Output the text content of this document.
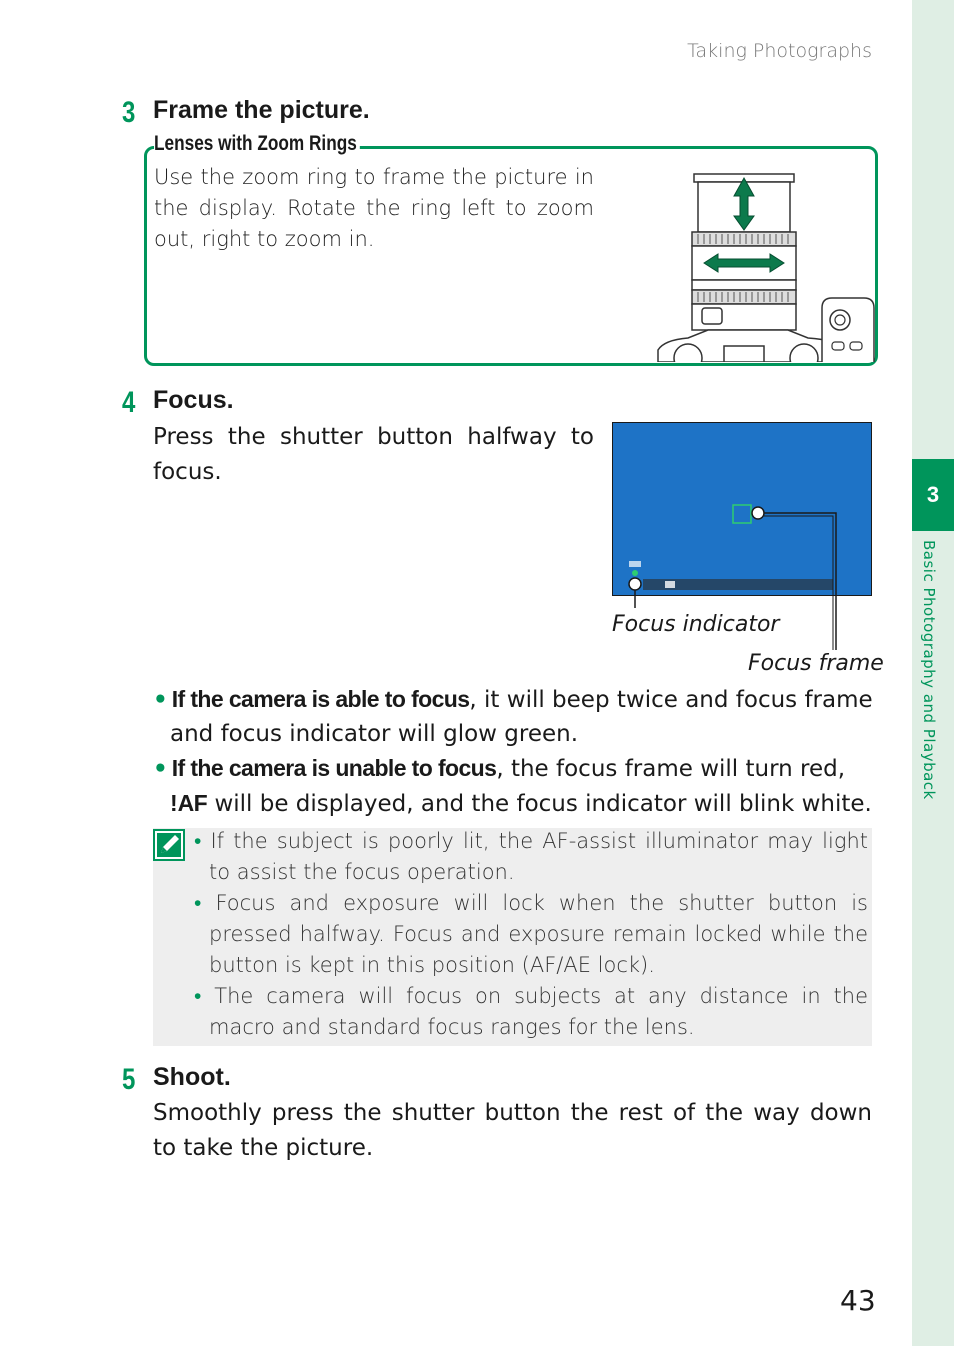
Taking Photographs
3
Basic Photography and Playback
3 Frame the picture.
Lenses with Zoom Rings
Use the zoom ring to frame the picture in the display. Rotate the ring left to zoom out, right to zoom in.
4 Focus.
Press the shutter button halfway to focus.
Focus indicator
Focus frame
• If the camera is able to focus, it will beep twice and focus frame and focus indicator will glow green.
• If the camera is unable to focus, the focus frame will turn red, !AF will be displayed, and the focus indicator will blink white.
• If the subject is poorly lit, the AF-assist illuminator may light to assist the focus operation.
• Focus and exposure will lock when the shutter button is pressed halfway. Focus and exposure remain locked while the button is kept in this position (AF/AE lock).
• The camera will focus on subjects at any distance in the macro and standard focus ranges for the lens.
5 Shoot.
Smoothly press the shutter button the rest of the way down to take the picture.
43
